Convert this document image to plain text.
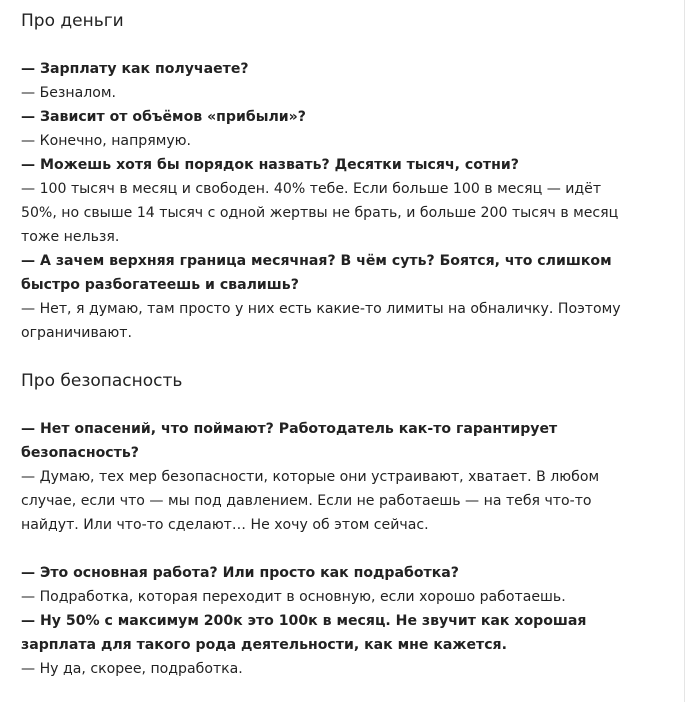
Про деньги
— Зарплату как получаете?
— Безналом.
— Зависит от объёмов «прибыли»?
— Конечно, напрямую.
— Можешь хотя бы порядок назвать? Десятки тысяч, сотни?
— 100 тысяч в месяц и свободен. 40% тебе. Если больше 100 в месяц — идёт
50%, но свыше 14 тысяч с одной жертвы не брать, и больше 200 тысяч в месяц
тоже нельзя.
— А зачем верхняя граница месячная? В чём суть? Боятся, что слишком
быстро разбогатеешь и свалишь?
— Нет, я думаю, там просто у них есть какие-то лимиты на обналичку. Поэтому
ограничивают.
Про безопасность
— Нет опасений, что поймают? Работодатель как-то гарантирует
безопасность?
— Думаю, тех мер безопасности, которые они устраивают, хватает. В любом
случае, если что — мы под давлением. Если не работаешь — на тебя что-то
найдут. Или что-то сделают… Не хочу об этом сейчас.
— Это основная работа? Или просто как подработка?
— Подработка, которая переходит в основную, если хорошо работаешь.
— Ну 50% с максимум 200к это 100к в месяц. Не звучит как хорошая
зарплата для такого рода деятельности, как мне кажется.
— Ну да, скорее, подработка.
